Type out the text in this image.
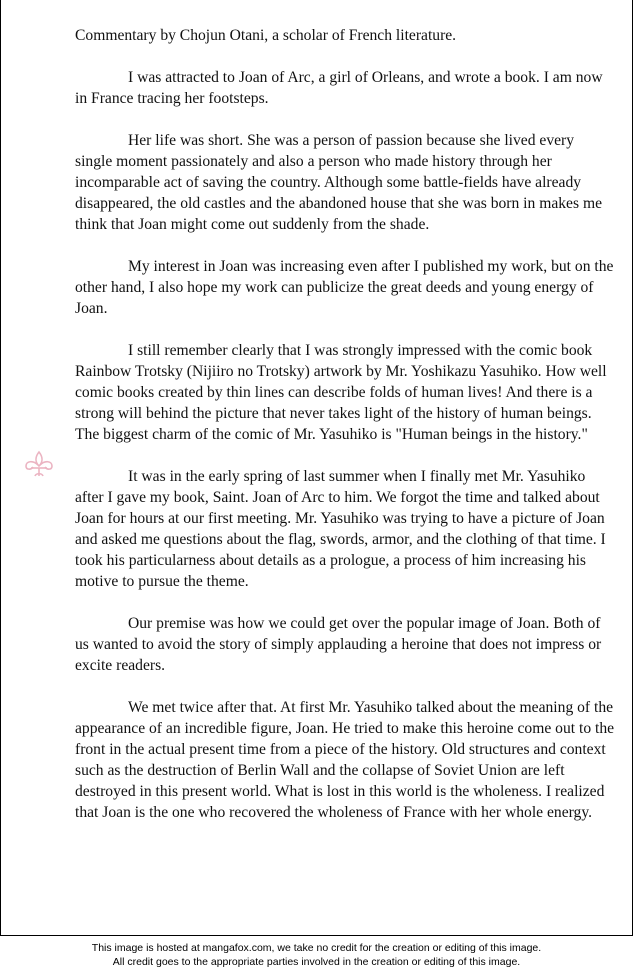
Commentary by Chojun Otani, a scholar of French literature.

I was attracted to Joan of Arc, a girl of Orleans, and wrote a book. I am now in France tracing her footsteps.

Her life was short. She was a person of passion because she lived every single moment passionately and also a person who made history through her incomparable act of saving the country. Although some battle-fields have already disappeared, the old castles and the abandoned house that she was born in makes me think that Joan might come out suddenly from the shade.

My interest in Joan was increasing even after I published my work, but on the other hand, I also hope my work can publicize the great deeds and young energy of Joan.

I still remember clearly that I was strongly impressed with the comic book Rainbow Trotsky (Nijiiro no Trotsky) artwork by Mr. Yoshikazu Yasuhiko. How well comic books created by thin lines can describe folds of human lives! And there is a strong will behind the picture that never takes light of the history of human beings. The biggest charm of the comic of Mr. Yasuhiko is "Human beings in the history."

It was in the early spring of last summer when I finally met Mr. Yasuhiko after I gave my book, Saint. Joan of Arc to him. We forgot the time and talked about Joan for hours at our first meeting. Mr. Yasuhiko was trying to have a picture of Joan and asked me questions about the flag, swords, armor, and the clothing of that time. I took his particularness about details as a prologue, a process of him increasing his motive to pursue the theme.

Our premise was how we could get over the popular image of Joan. Both of us wanted to avoid the story of simply applauding a heroine that does not impress or excite readers.

We met twice after that. At first Mr. Yasuhiko talked about the meaning of the appearance of an incredible figure, Joan. He tried to make this heroine come out to the front in the actual present time from a piece of the history. Old structures and context such as the destruction of Berlin Wall and the collapse of Soviet Union are left destroyed in this present world. What is lost in this world is the wholeness. I realized that Joan is the one who recovered the wholeness of France with her whole energy.

This image is hosted at mangafox.com, we take no credit for the creation or editing of this image.
All credit goes to the appropriate parties involved in the creation or editing of this image.
